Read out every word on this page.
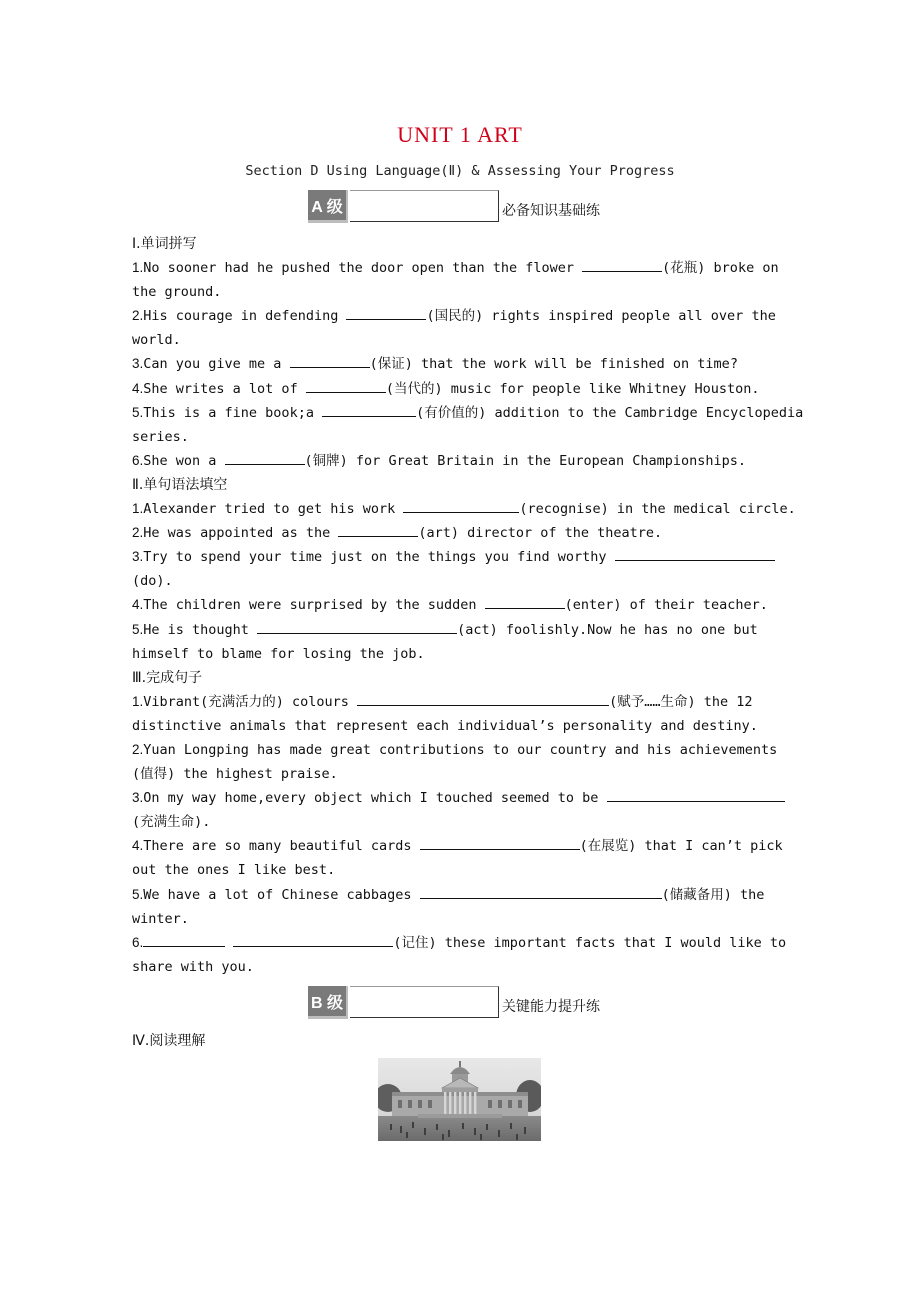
UNIT 1 ART
Section D Using Language(Ⅱ) & Assessing Your Progress
A 级	必备知识基础练
Ⅰ.单词拼写
1.No sooner had he pushed the door open than the flower	(花瓶) broke on
the ground.
2.His courage in defending	(国民的) rights inspired people all over the
world.
3.Can you give me a	(保证) that the work will be finished on time?
4.She writes a lot of	(当代的) music for people like Whitney Houston.
5.This is a fine book;a	(有价值的) addition to the Cambridge Encyclopedia
series.
6.She won a	(铜牌) for Great Britain in the European Championships.
Ⅱ.单句语法填空
1.Alexander tried to get his work	(recognise) in the medical circle.
2.He was appointed as the	(art) director of the theatre.
3.Try to spend your time just on the things you find worthy
(do).
4.The children were surprised by the sudden	(enter) of their teacher.
5.He is thought	(act) foolishly.Now he has no one but
himself to blame for losing the job.
Ⅲ.完成句子
1.Vibrant(充满活力的) colours	(赋予……生命) the 12
distinctive animals that represent each individual’s personality and destiny.
2.Yuan Longping has made great contributions to our country and his achievements
(值得) the highest praise.
3.On my way home,every object which I touched seemed to be
(充满生命).
4.There are so many beautiful cards	(在展览) that I can’t pick
out the ones I like best.
5.We have a lot of Chinese cabbages	(储藏备用) the
winter.
6.	(记住) these important facts that I would like to
share with you.
B 级	关键能力提升练
Ⅳ.阅读理解
